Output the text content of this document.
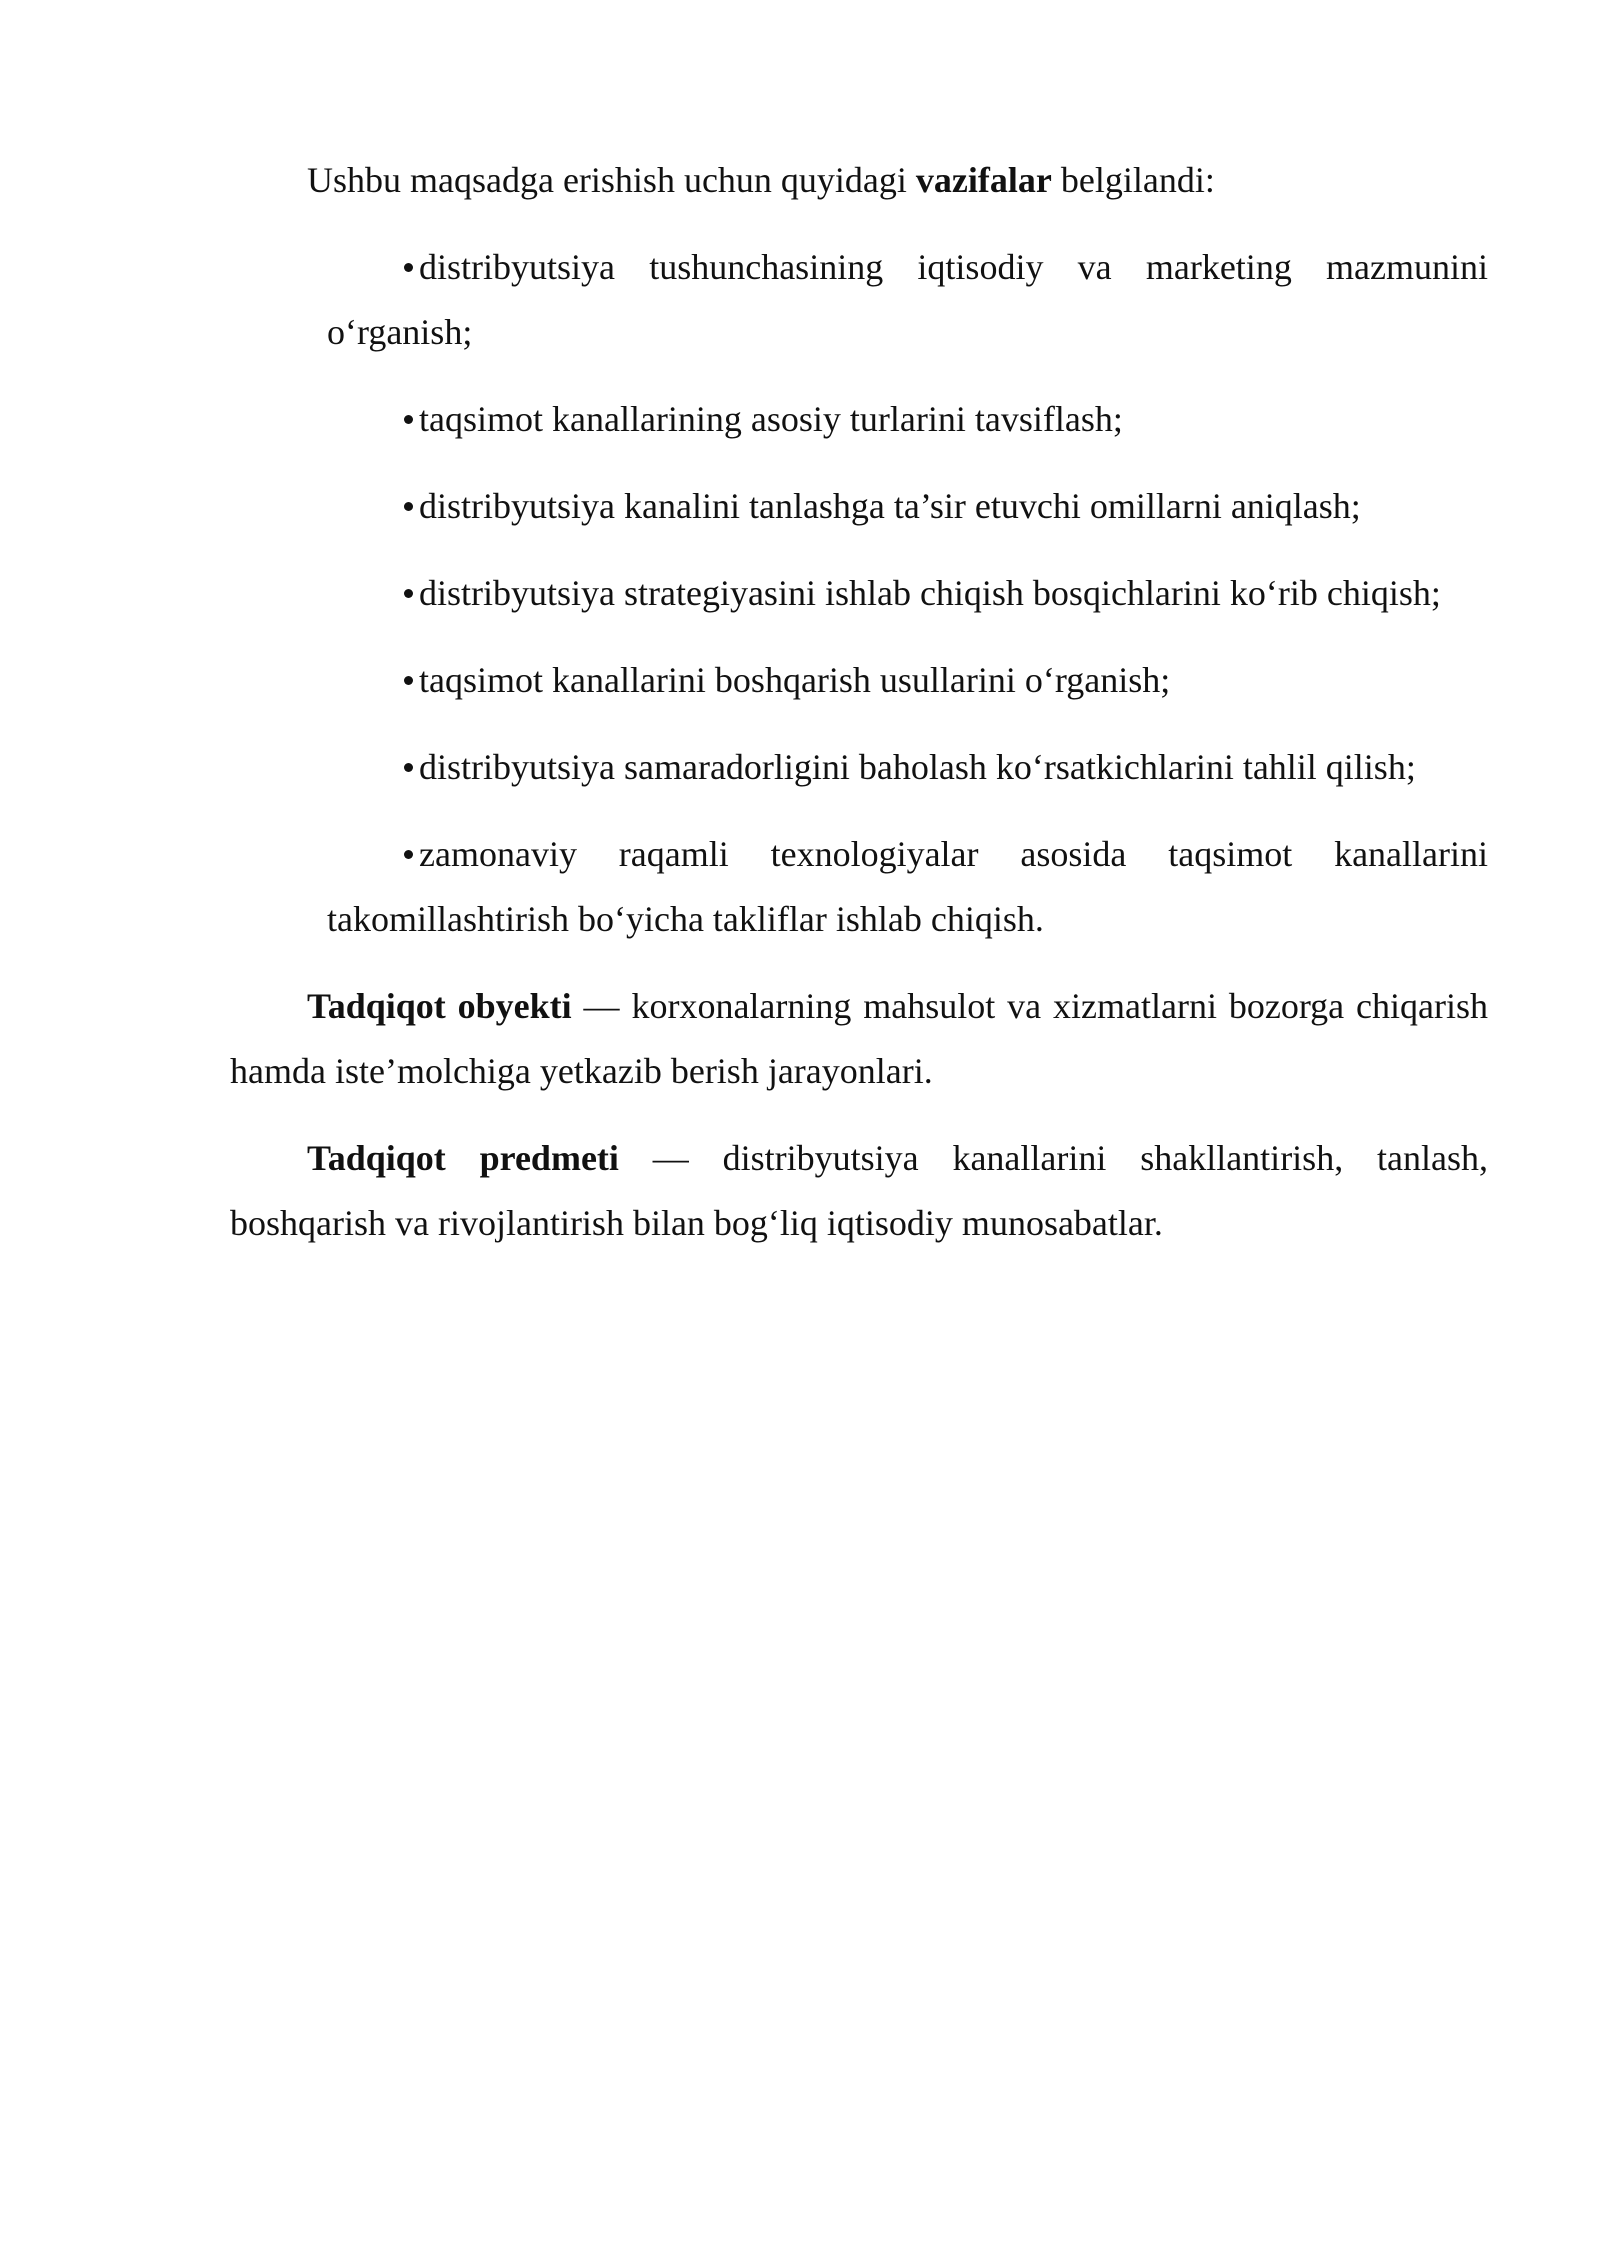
Ushbu maqsadga erishish uchun quyidagi vazifalar belgilandi:

distribyutsiya tushunchasining iqtisodiy va marketing mazmunini o‘rganish;
taqsimot kanallarining asosiy turlarini tavsiflash;
distribyutsiya kanalini tanlashga ta’sir etuvchi omillarni aniqlash;
distribyutsiya strategiyasini ishlab chiqish bosqichlarini ko‘rib chiqish;
taqsimot kanallarini boshqarish usullarini o‘rganish;
distribyutsiya samaradorligini baholash ko‘rsatkichlarini tahlil qilish;
zamonaviy raqamli texnologiyalar asosida taqsimot kanallarini takomillashtirish bo‘yicha takliflar ishlab chiqish.

Tadqiqot obyekti — korxonalarning mahsulot va xizmatlarni bozorga chiqarish hamda iste’molchiga yetkazib berish jarayonlari.

Tadqiqot predmeti — distribyutsiya kanallarini shakllantirish, tanlash, boshqarish va rivojlantirish bilan bog‘liq iqtisodiy munosabatlar.
